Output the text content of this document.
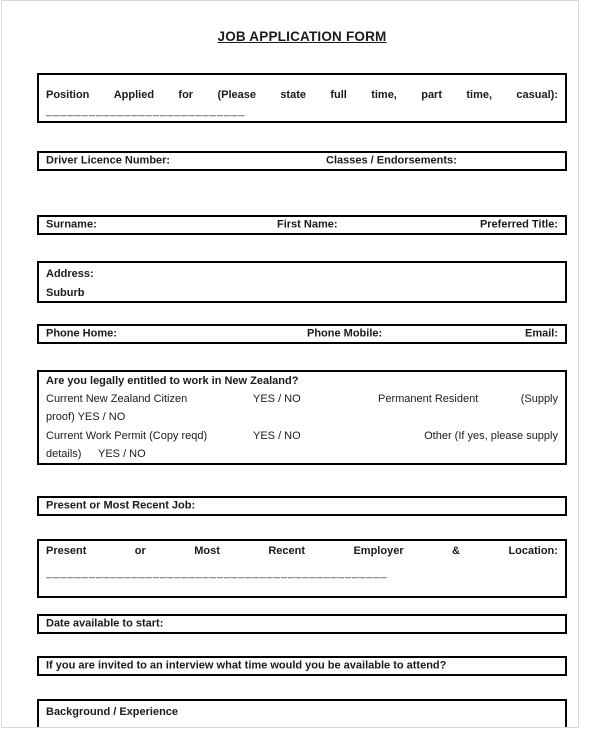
JOB APPLICATION FORM
Position Applied for (Please state full time, part time, casual):
____________________________
Driver Licence Number:	Classes / Endorsements:
Surname:	First Name:	Preferred Title:
Address:
Suburb
Phone Home:	Phone Mobile:	Email:
Are you legally entitled to work in New Zealand?
Current New Zealand Citizen	YES / NO	Permanent Resident	(Supply
proof) YES / NO
Current Work Permit (Copy reqd)	YES / NO	Other (If yes, please supply
details) YES / NO
Present or Most Recent Job:
Present	or	Most	Recent	Employer	&	Location:
________________________________________________
Date available to start:
If you are invited to an interview what time would you be available to attend?
Background / Experience
